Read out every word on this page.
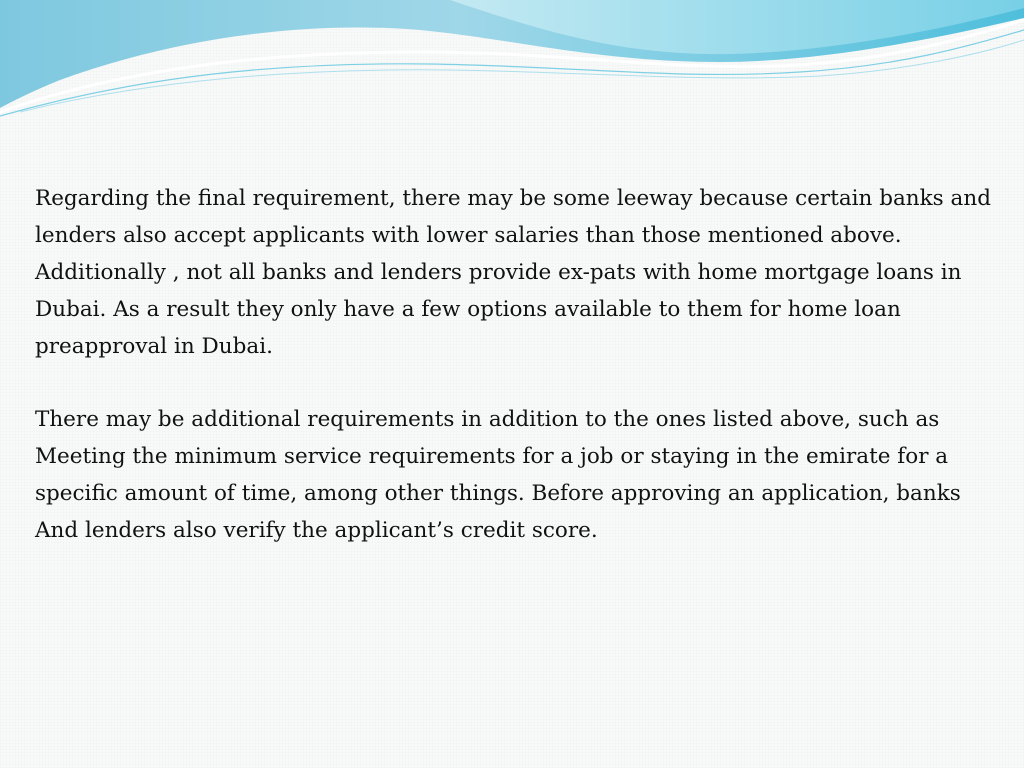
Regarding the final requirement, there may be some leeway because certain banks and
lenders also accept applicants with lower salaries than those mentioned above.
Additionally , not all banks and lenders provide ex-pats with home mortgage loans in
Dubai. As a result they only have a few options available to them for home loan
preapproval in Dubai.

There may be additional requirements in addition to the ones listed above, such as
Meeting the minimum service requirements for a job or staying in the emirate for a
specific amount of time, among other things. Before approving an application, banks
And lenders also verify the applicant’s credit score.
